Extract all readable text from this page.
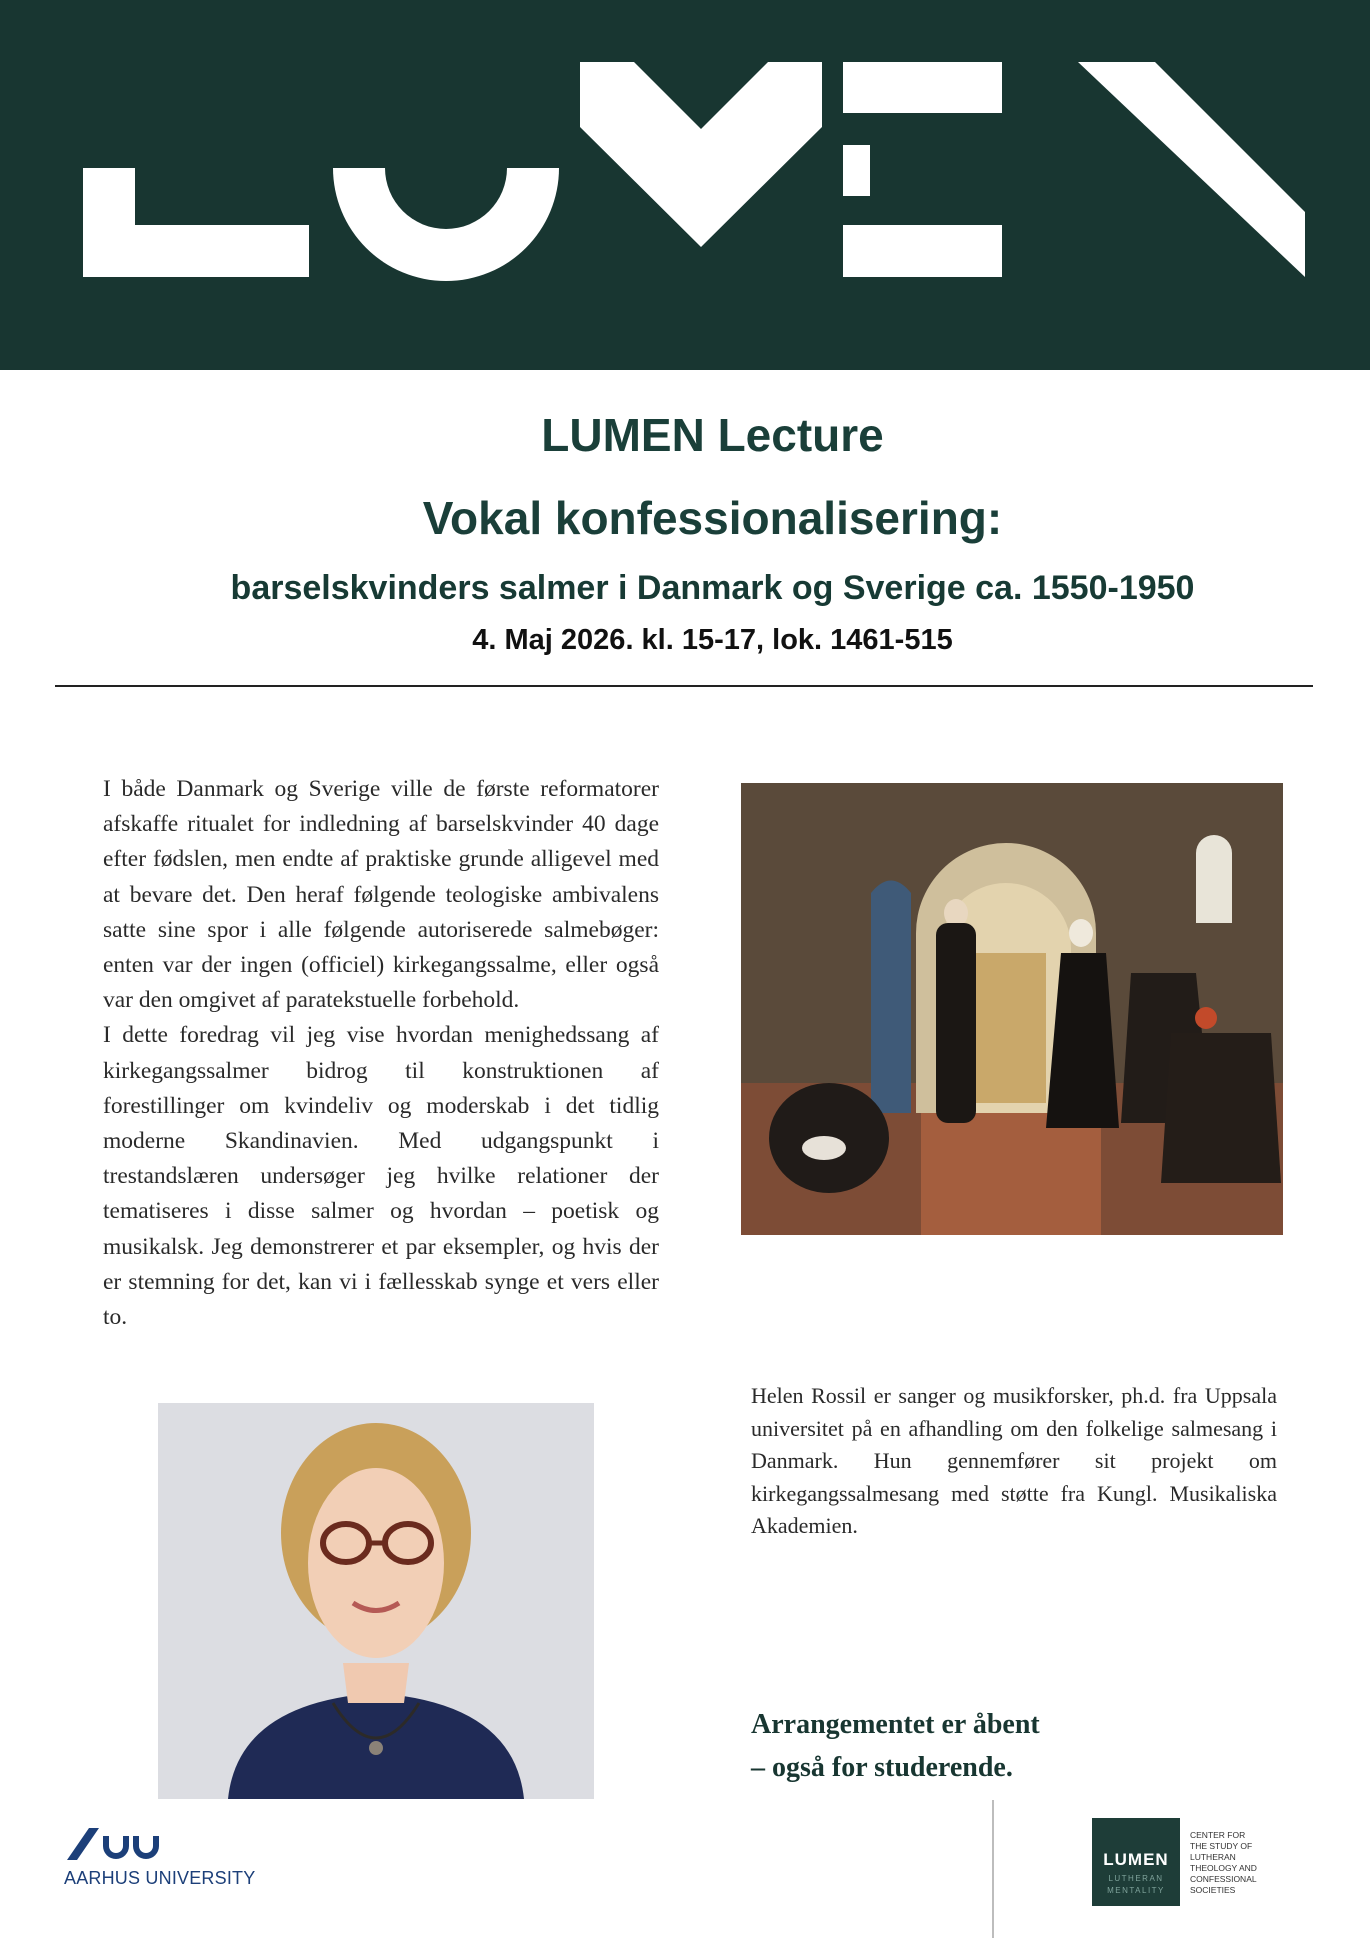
LUMEN Lecture
Vokal konfessionalisering:
barselskvinders salmer i Danmark og Sverige ca. 1550-1950
4. Maj 2026. kl. 15-17, lok. 1461-515

I både Danmark og Sverige ville de første reformatorer afskaffe ritualet for indledning af barselskvinder 40 dage efter fødslen, men endte af praktiske grunde alligevel med at bevare det. Den heraf følgende teologiske ambivalens satte sine spor i alle følgende autoriserede salmebøger: enten var der ingen (officiel) kirkegangssalme, eller også var den omgivet af paratekstuelle forbehold.

I dette foredrag vil jeg vise hvordan menighedssang af kirkegangssalmer bidrog til konstruktionen af forestillinger om kvindeliv og moderskab i det tidlig moderne Skandinavien. Med udgangspunkt i trestandslæren undersøger jeg hvilke relationer der tematiseres i disse salmer og hvordan – poetisk og musikalsk. Jeg demonstrerer et par eksempler, og hvis der er stemning for det, kan vi i fællesskab synge et vers eller to.

Helen Rossil er sanger og musikforsker, ph.d. fra Uppsala universitet på en afhandling om den folkelige salmesang i Danmark. Hun gennemfører sit projekt om kirkegangssalmesang med støtte fra Kungl. Musikaliska Akademien.
Arrangementet er åbent
– også for studerende.
AARHUS UNIVERSITY
LUMEN
LUTHERAN
MENTALITY
CENTER FOR
THE STUDY OF
LUTHERAN
THEOLOGY AND
CONFESSIONAL
SOCIETIES
